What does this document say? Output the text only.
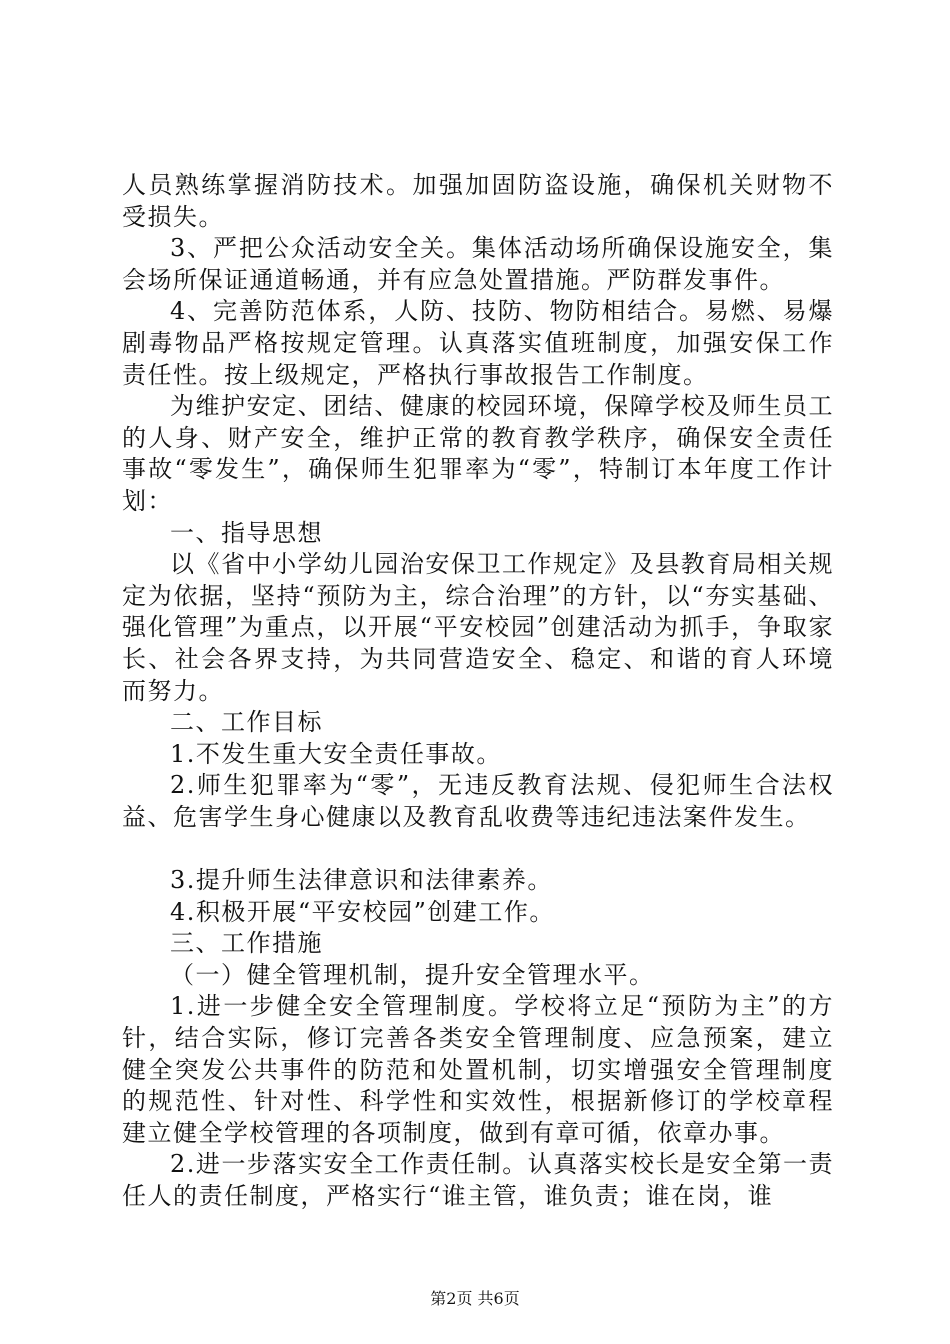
人员熟练掌握消防技术。加强加固防盗设施，确保机关财物不受损失。

3、严把公众活动安全关。集体活动场所确保设施安全，集会场所保证通道畅通，并有应急处置措施。严防群发事件。

4、完善防范体系，人防、技防、物防相结合。易燃、易爆剧毒物品严格按规定管理。认真落实值班制度，加强安保工作责任性。按上级规定，严格执行事故报告工作制度。

为维护安定、团结、健康的校园环境，保障学校及师生员工的人身、财产安全，维护正常的教育教学秩序，确保安全责任事故“零发生”，确保师生犯罪率为“零”，特制订本年度工作计划：

一、指导思想

以《省中小学幼儿园治安保卫工作规定》及县教育局相关规定为依据，坚持“预防为主，综合治理”的方针，以“夯实基础、强化管理”为重点，以开展“平安校园”创建活动为抓手，争取家长、社会各界支持，为共同营造安全、稳定、和谐的育人环境而努力。

二、工作目标

1.不发生重大安全责任事故。

2.师生犯罪率为“零”，无违反教育法规、侵犯师生合法权益、危害学生身心健康以及教育乱收费等违纪违法案件发生。

3.提升师生法律意识和法律素养。

4.积极开展“平安校园”创建工作。

三、工作措施

（一）健全管理机制，提升安全管理水平。

1.进一步健全安全管理制度。学校将立足“预防为主”的方针，结合实际，修订完善各类安全管理制度、应急预案，建立健全突发公共事件的防范和处置机制，切实增强安全管理制度的规范性、针对性、科学性和实效性，根据新修订的学校章程建立健全学校管理的各项制度，做到有章可循，依章办事。

2.进一步落实安全工作责任制。认真落实校长是安全第一责任人的责任制度，严格实行“谁主管，谁负责；谁在岗，谁

第2页 共6页
